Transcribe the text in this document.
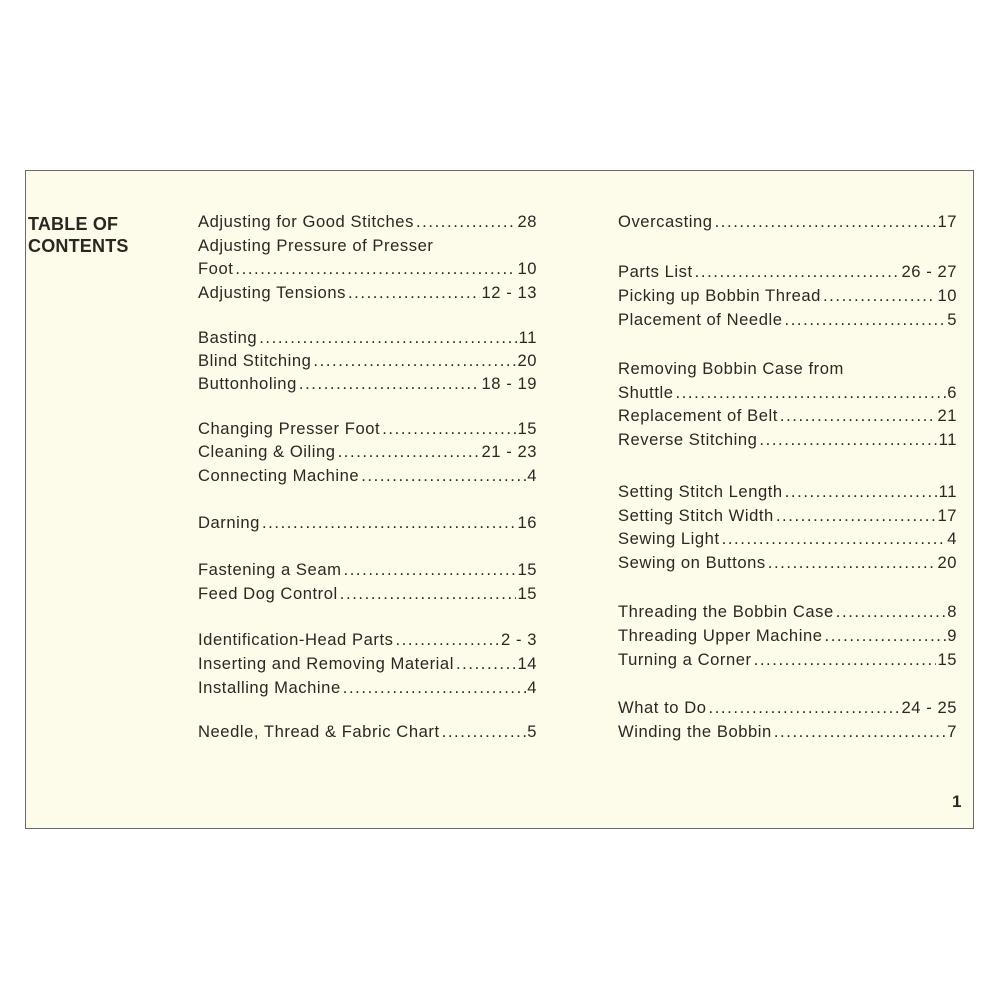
TABLE OF
CONTENTS
Adjusting for Good Stitches .....	28
Adjusting Pressure of Presser
Foot .....	10
Adjusting Tensions .....	12 - 13
Basting .....	11
Blind Stitching .....	20
Buttonholing .....	18 - 19
Changing Presser Foot .....	15
Cleaning & Oiling .....	21 - 23
Connecting Machine .....	4
Darning .....	16
Fastening a Seam .....	15
Feed Dog Control .....	15
Identification-Head Parts .....	2 - 3
Inserting and Removing Material .....	14
Installing Machine .....	4
Needle, Thread & Fabric Chart .....	5
Overcasting .....	17
Parts List .....	26 - 27
Picking up Bobbin Thread .....	10
Placement of Needle .....	5
Removing Bobbin Case from
Shuttle .....	6
Replacement of Belt .....	21
Reverse Stitching .....	11
Setting Stitch Length .....	11
Setting Stitch Width .....	17
Sewing Light .....	4
Sewing on Buttons .....	20
Threading the Bobbin Case .....	8
Threading Upper Machine .....	9
Turning a Corner .....	15
What to Do .....	24 - 25
Winding the Bobbin .....	7
1
